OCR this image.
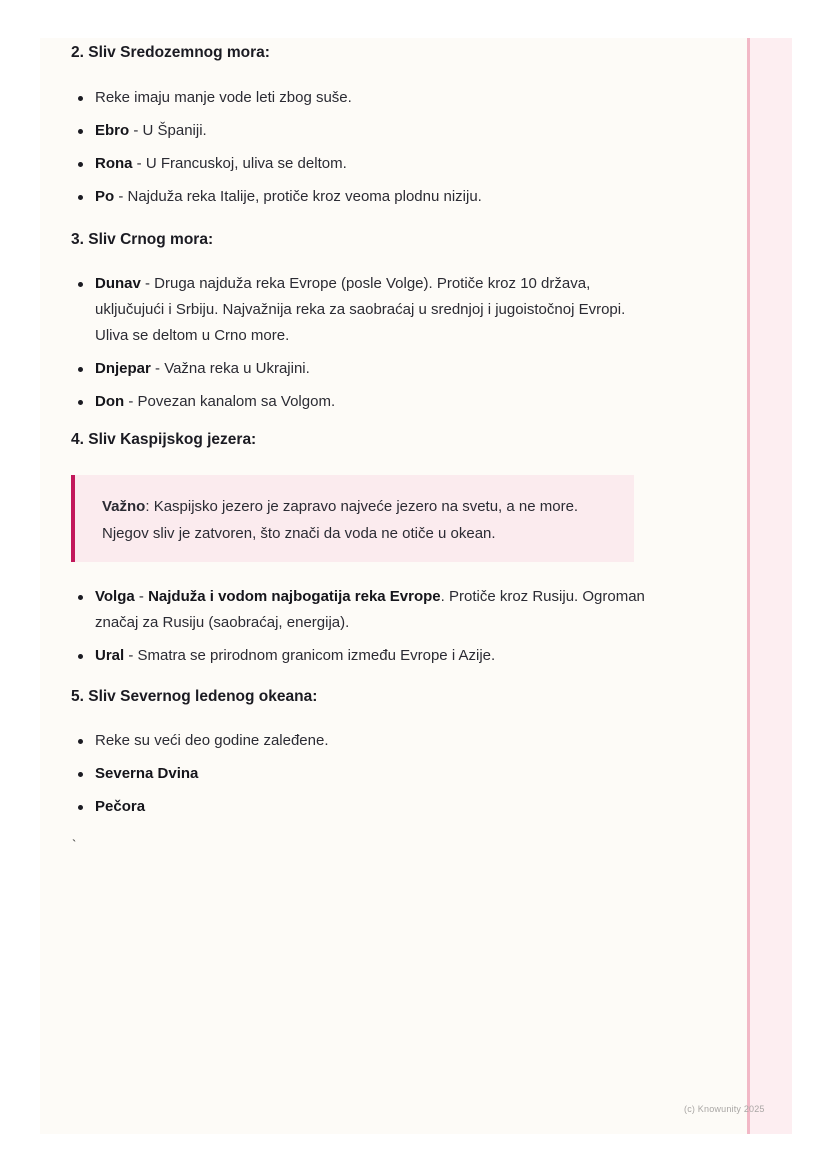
2. Sliv Sredozemnog mora:
Reke imaju manje vode leti zbog suše.
Ebro - U Španiji.
Rona - U Francuskoj, uliva se deltom.
Po - Najduža reka Italije, protiče kroz veoma plodnu niziju.
3. Sliv Crnog mora:
Dunav - Druga najduža reka Evrope (posle Volge). Protiče kroz 10 država, uključujući i Srbiju. Najvažnija reka za saobraćaj u srednjoj i jugoistočnoj Evropi. Uliva se deltom u Crno more.
Dnjepar - Važna reka u Ukrajini.
Don - Povezan kanalom sa Volgom.
4. Sliv Kaspijskog jezera:

Važno: Kaspijsko jezero je zapravo najveće jezero na svetu, a ne more. Njegov sliv je zatvoren, što znači da voda ne otiče u okean.

Volga - Najduža i vodom najbogatija reka Evrope. Protiče kroz Rusiju. Ogroman značaj za Rusiju (saobraćaj, energija).
Ural - Smatra se prirodnom granicom između Evrope i Azije.
5. Sliv Severnog ledenog okeana:
Reke su veći deo godine zaleđene.
Severna Dvina
Pečora
`
(c) Knowunity 2025
